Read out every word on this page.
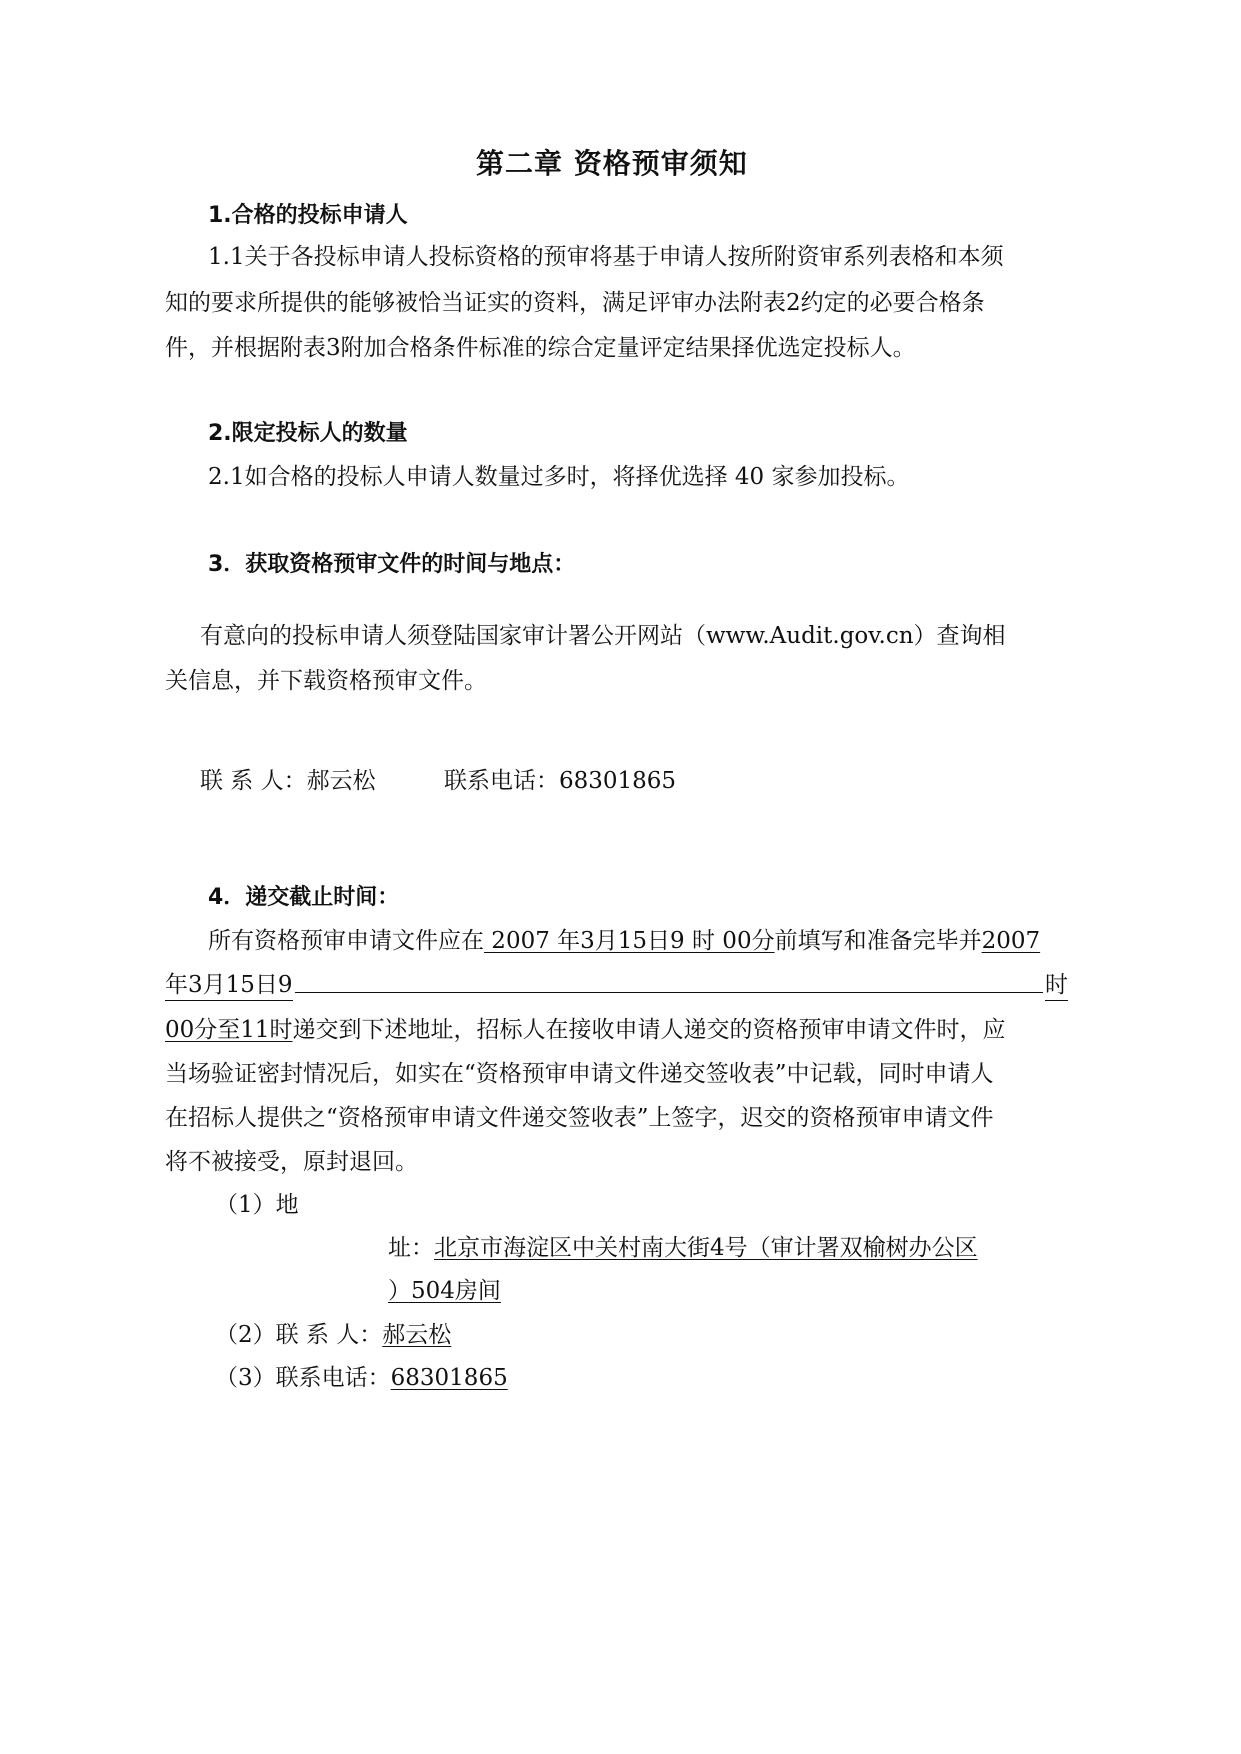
第二章 资格预审须知
1.合格的投标申请人
1.1关于各投标申请人投标资格的预审将基于申请人按所附资审系列表格和本须
知的要求所提供的能够被恰当证实的资料，满足评审办法附表2约定的必要合格条
件，并根据附表3附加合格条件标准的综合定量评定结果择优选定投标人。
2.限定投标人的数量
2.1如合格的投标人申请人数量过多时，将择优选择 40 家参加投标。
3．获取资格预审文件的时间与地点：
有意向的投标申请人须登陆国家审计署公开网站（www.Audit.gov.cn）查询相
关信息，并下载资格预审文件。
联 系 人：郝云松	联系电话：68301865
4．递交截止时间：
所有资格预审申请文件应在 2007 年3月15日9 时 00分前填写和准备完毕并2007
年3月15日9	时
00分至11时递交到下述地址，招标人在接收申请人递交的资格预审申请文件时，应
当场验证密封情况后，如实在“资格预审申请文件递交签收表”中记载，同时申请人
在招标人提供之“资格预审申请文件递交签收表”上签字，迟交的资格预审申请文件
将不被接受，原封退回。
（1）地
址：北京市海淀区中关村南大街4号（审计署双榆树办公区
）504房间
（2）联 系 人：郝云松
（3）联系电话：68301865
